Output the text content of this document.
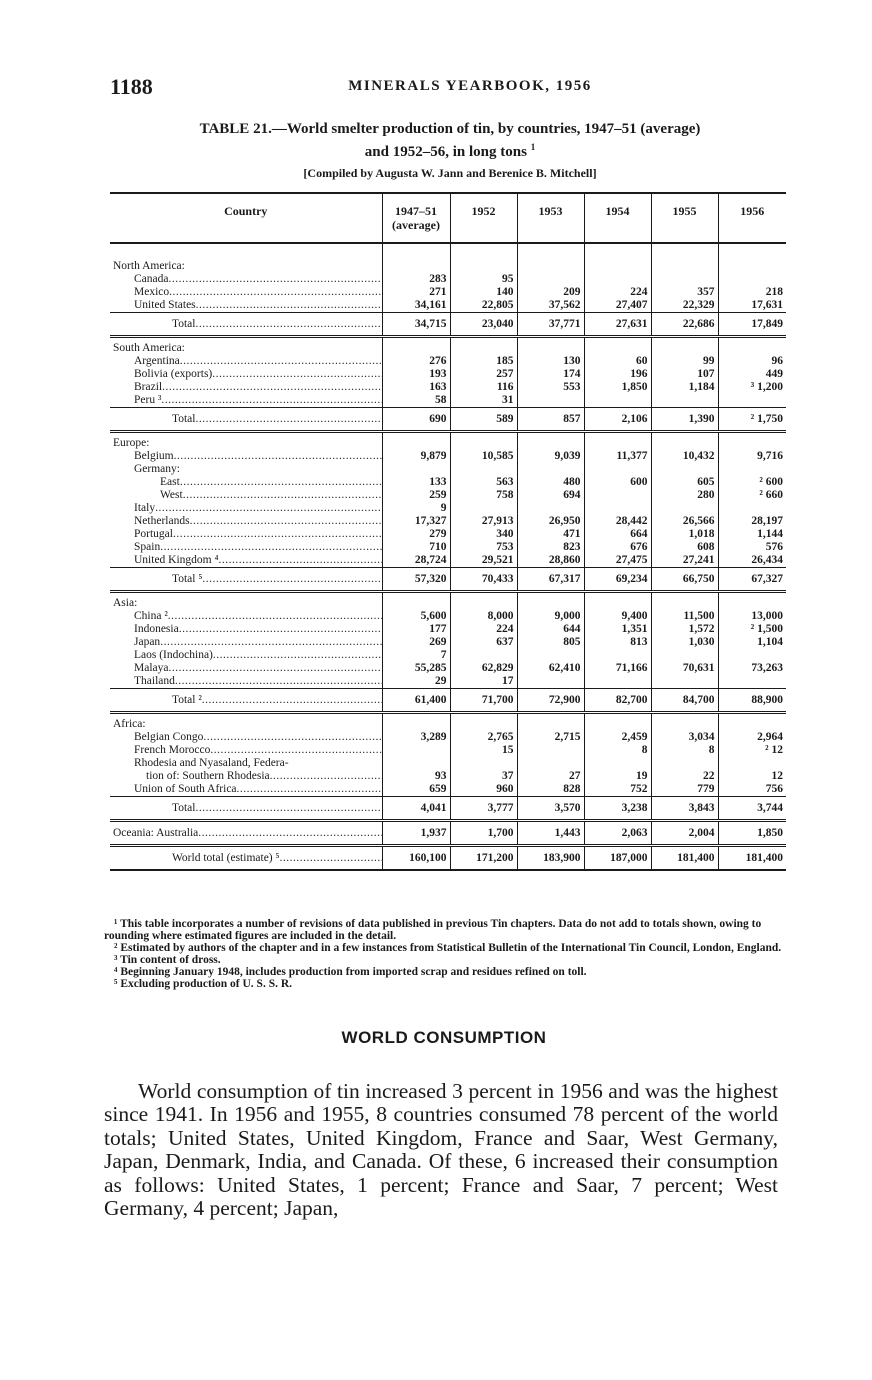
1188	MINERALS YEARBOOK, 1956
TABLE 21.—World smelter production of tin, by countries, 1947–51 (average)
and 1952–56, in long tons $^1$
[Compiled by Augusta W. Jann and Berenice B. Mitchell]
Country	1947–51 (average)	1952	1953	1954	1955	1956

North America:						
Canada .....	283	95				
Mexico .....	271	140	209	224	357	218
United States .....	34,161	22,805	37,562	27,407	22,329	17,631
Total .....	34,715	23,040	37,771	27,631	22,686	17,849
South America:						
Argentina .....	276	185	130	60	99	96
Bolivia (exports) .....	193	257	174	196	107	449
Brazil .....	163	116	553	1,850	1,184	³ 1,200
Peru ³ .....	58	31				
Total .....	690	589	857	2,106	1,390	² 1,750
Europe:						
Belgium .....	9,879	10,585	9,039	11,377	10,432	9,716
Germany:						
East .....	133	563	480	600	605	² 600
West .....	259	758	694		280	² 660
Italy .....	9					
Netherlands .....	17,327	27,913	26,950	28,442	26,566	28,197
Portugal .....	279	340	471	664	1,018	1,144
Spain .....	710	753	823	676	608	576
United Kingdom ⁴ .....	28,724	29,521	28,860	27,475	27,241	26,434
Total ⁵ .....	57,320	70,433	67,317	69,234	66,750	67,327
Asia:						
China ² .....	5,600	8,000	9,000	9,400	11,500	13,000
Indonesia .....	177	224	644	1,351	1,572	² 1,500
Japan .....	269	637	805	813	1,030	1,104
Laos (Indochina) .....	7					
Malaya .....	55,285	62,829	62,410	71,166	70,631	73,263
Thailand .....	29	17				
Total ² .....	61,400	71,700	72,900	82,700	84,700	88,900
Africa:						
Belgian Congo .....	3,289	2,765	2,715	2,459	3,034	2,964
French Morocco .....		15		8	8	² 12
Rhodesia and Nyasaland, Federa-						
tion of: Southern Rhodesia .....	93	37	27	19	22	12
Union of South Africa .....	659	960	828	752	779	756
Total .....	4,041	3,777	3,570	3,238	3,843	3,744
Oceania: Australia .....	1,937	1,700	1,443	2,063	2,004	1,850
World total (estimate) ⁵ .....	160,100	171,200	183,900	187,000	181,400	181,400

¹ This table incorporates a number of revisions of data published in previous Tin chapters. Data do not add to totals shown, owing to rounding where estimated figures are included in the detail.

² Estimated by authors of the chapter and in a few instances from Statistical Bulletin of the International Tin Council, London, England.

³ Tin content of dross.

⁴ Beginning January 1948, includes production from imported scrap and residues refined on toll.

⁵ Excluding production of U. S. S. R.

WORLD CONSUMPTION

World consumption of tin increased 3 percent in 1956 and was the highest since 1941. In 1956 and 1955, 8 countries consumed 78 percent of the world totals; United States, United Kingdom, France and Saar, West Germany, Japan, Denmark, India, and Canada. Of these, 6 increased their consumption as follows: United States, 1 percent; France and Saar, 7 percent; West Germany, 4 percent; Japan,
